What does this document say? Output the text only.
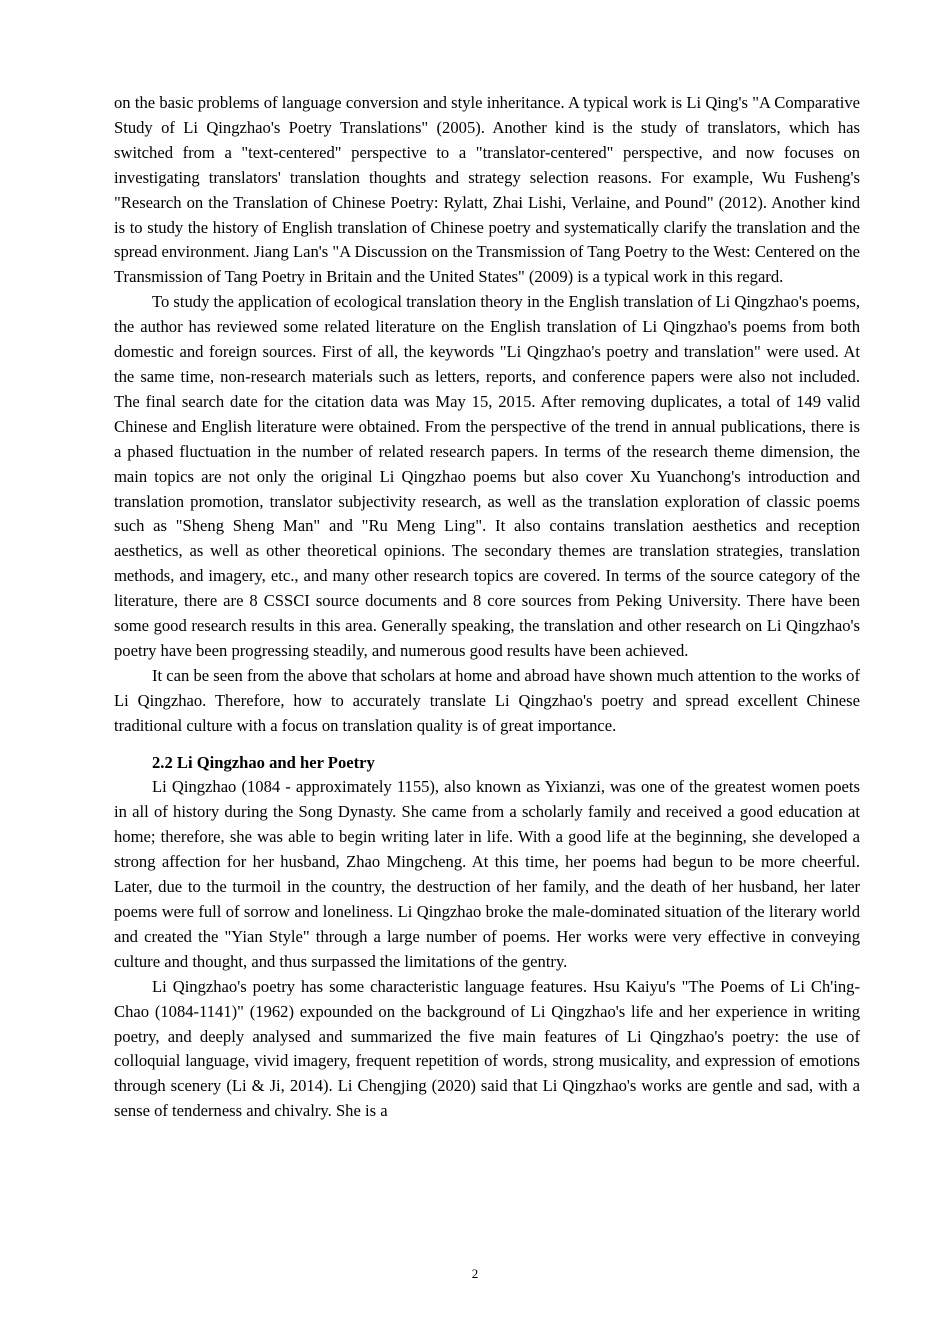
on the basic problems of language conversion and style inheritance. A typical work is Li Qing's "A Comparative Study of Li Qingzhao's Poetry Translations" (2005). Another kind is the study of translators, which has switched from a "text-centered" perspective to a "translator-centered" perspective, and now focuses on investigating translators' translation thoughts and strategy selection reasons. For example, Wu Fusheng's "Research on the Translation of Chinese Poetry: Rylatt, Zhai Lishi, Verlaine, and Pound" (2012). Another kind is to study the history of English translation of Chinese poetry and systematically clarify the translation and the spread environment. Jiang Lan's "A Discussion on the Transmission of Tang Poetry to the West: Centered on the Transmission of Tang Poetry in Britain and the United States" (2009) is a typical work in this regard.

To study the application of ecological translation theory in the English translation of Li Qingzhao's poems, the author has reviewed some related literature on the English translation of Li Qingzhao's poems from both domestic and foreign sources. First of all, the keywords "Li Qingzhao's poetry and translation" were used. At the same time, non-research materials such as letters, reports, and conference papers were also not included. The final search date for the citation data was May 15, 2015. After removing duplicates, a total of 149 valid Chinese and English literature were obtained. From the perspective of the trend in annual publications, there is a phased fluctuation in the number of related research papers. In terms of the research theme dimension, the main topics are not only the original Li Qingzhao poems but also cover Xu Yuanchong's introduction and translation promotion, translator subjectivity research, as well as the translation exploration of classic poems such as "Sheng Sheng Man" and "Ru Meng Ling". It also contains translation aesthetics and reception aesthetics, as well as other theoretical opinions. The secondary themes are translation strategies, translation methods, and imagery, etc., and many other research topics are covered. In terms of the source category of the literature, there are 8 CSSCI source documents and 8 core sources from Peking University. There have been some good research results in this area. Generally speaking, the translation and other research on Li Qingzhao's poetry have been progressing steadily, and numerous good results have been achieved.

It can be seen from the above that scholars at home and abroad have shown much attention to the works of Li Qingzhao. Therefore, how to accurately translate Li Qingzhao's poetry and spread excellent Chinese traditional culture with a focus on translation quality is of great importance.

2.2 Li Qingzhao and her Poetry

Li Qingzhao (1084 - approximately 1155), also known as Yixianzi, was one of the greatest women poets in all of history during the Song Dynasty. She came from a scholarly family and received a good education at home; therefore, she was able to begin writing later in life. With a good life at the beginning, she developed a strong affection for her husband, Zhao Mingcheng. At this time, her poems had begun to be more cheerful. Later, due to the turmoil in the country, the destruction of her family, and the death of her husband, her later poems were full of sorrow and loneliness. Li Qingzhao broke the male-dominated situation of the literary world and created the "Yian Style" through a large number of poems. Her works were very effective in conveying culture and thought, and thus surpassed the limitations of the gentry.

Li Qingzhao's poetry has some characteristic language features. Hsu Kaiyu's "The Poems of Li Ch'ing-Chao (1084-1141)" (1962) expounded on the background of Li Qingzhao's life and her experience in writing poetry, and deeply analysed and summarized the five main features of Li Qingzhao's poetry: the use of colloquial language, vivid imagery, frequent repetition of words, strong musicality, and expression of emotions through scenery (Li & Ji, 2014). Li Chengjing (2020) said that Li Qingzhao's works are gentle and sad, with a sense of tenderness and chivalry. She is a

2
